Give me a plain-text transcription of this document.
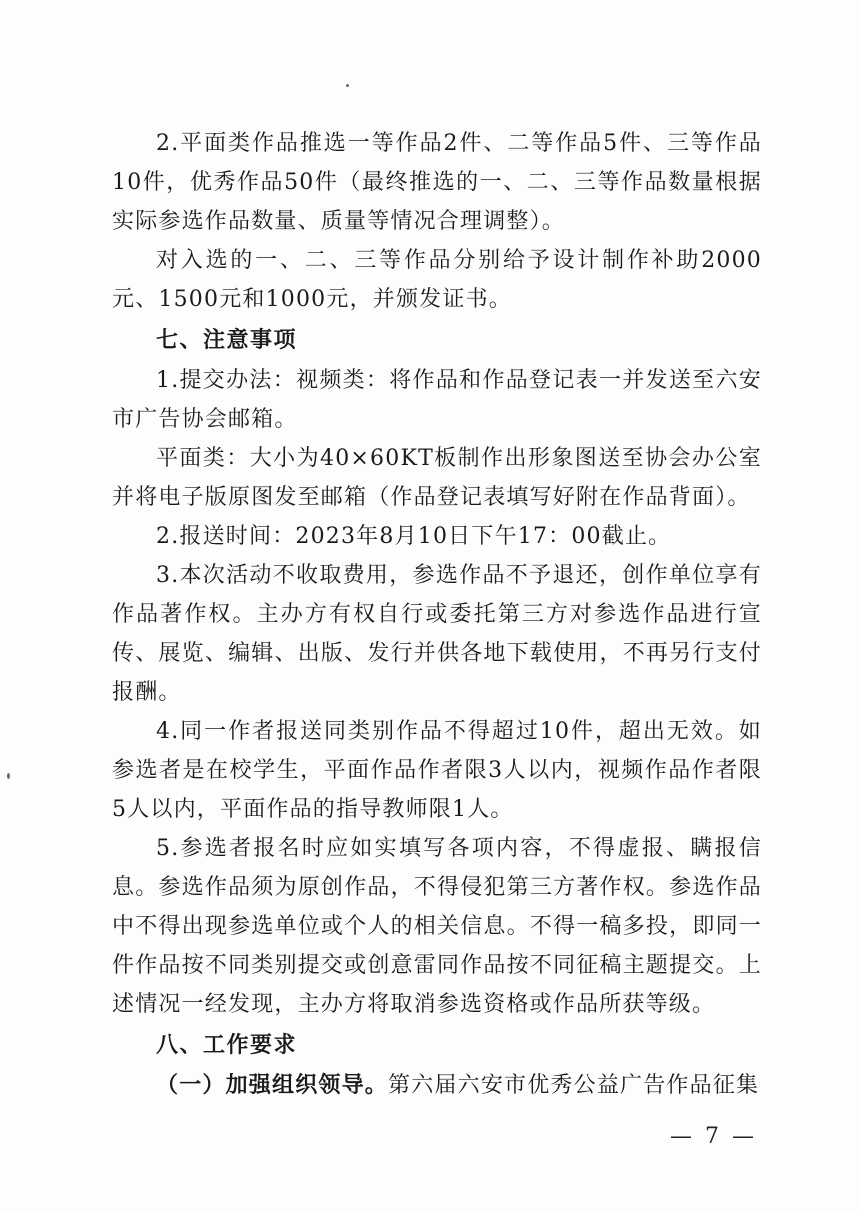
2.平面类作品推选一等作品2件、二等作品5件、三等作品10件，优秀作品50件（最终推选的一、二、三等作品数量根据实际参选作品数量、质量等情况合理调整）。

对入选的一、二、三等作品分别给予设计制作补助2000元、1500元和1000元，并颁发证书。

七、注意事项

1.提交办法：视频类：将作品和作品登记表一并发送至六安市广告协会邮箱。

平面类：大小为40×60KT板制作出形象图送至协会办公室并将电子版原图发至邮箱（作品登记表填写好附在作品背面）。

2.报送时间：2023年8月10日下午17：00截止。

3.本次活动不收取费用，参选作品不予退还，创作单位享有作品著作权。主办方有权自行或委托第三方对参选作品进行宣传、展览、编辑、出版、发行并供各地下载使用，不再另行支付报酬。

4.同一作者报送同类别作品不得超过10件，超出无效。如参选者是在校学生，平面作品作者限3人以内，视频作品作者限5人以内，平面作品的指导教师限1人。

5.参选者报名时应如实填写各项内容，不得虚报、瞒报信息。参选作品须为原创作品，不得侵犯第三方著作权。参选作品中不得出现参选单位或个人的相关信息。不得一稿多投，即同一件作品按不同类别提交或创意雷同作品按不同征稿主题提交。上述情况一经发现，主办方将取消参选资格或作品所获等级。

八、工作要求

（一）加强组织领导。第六届六安市优秀公益广告作品征集

— 7 —
